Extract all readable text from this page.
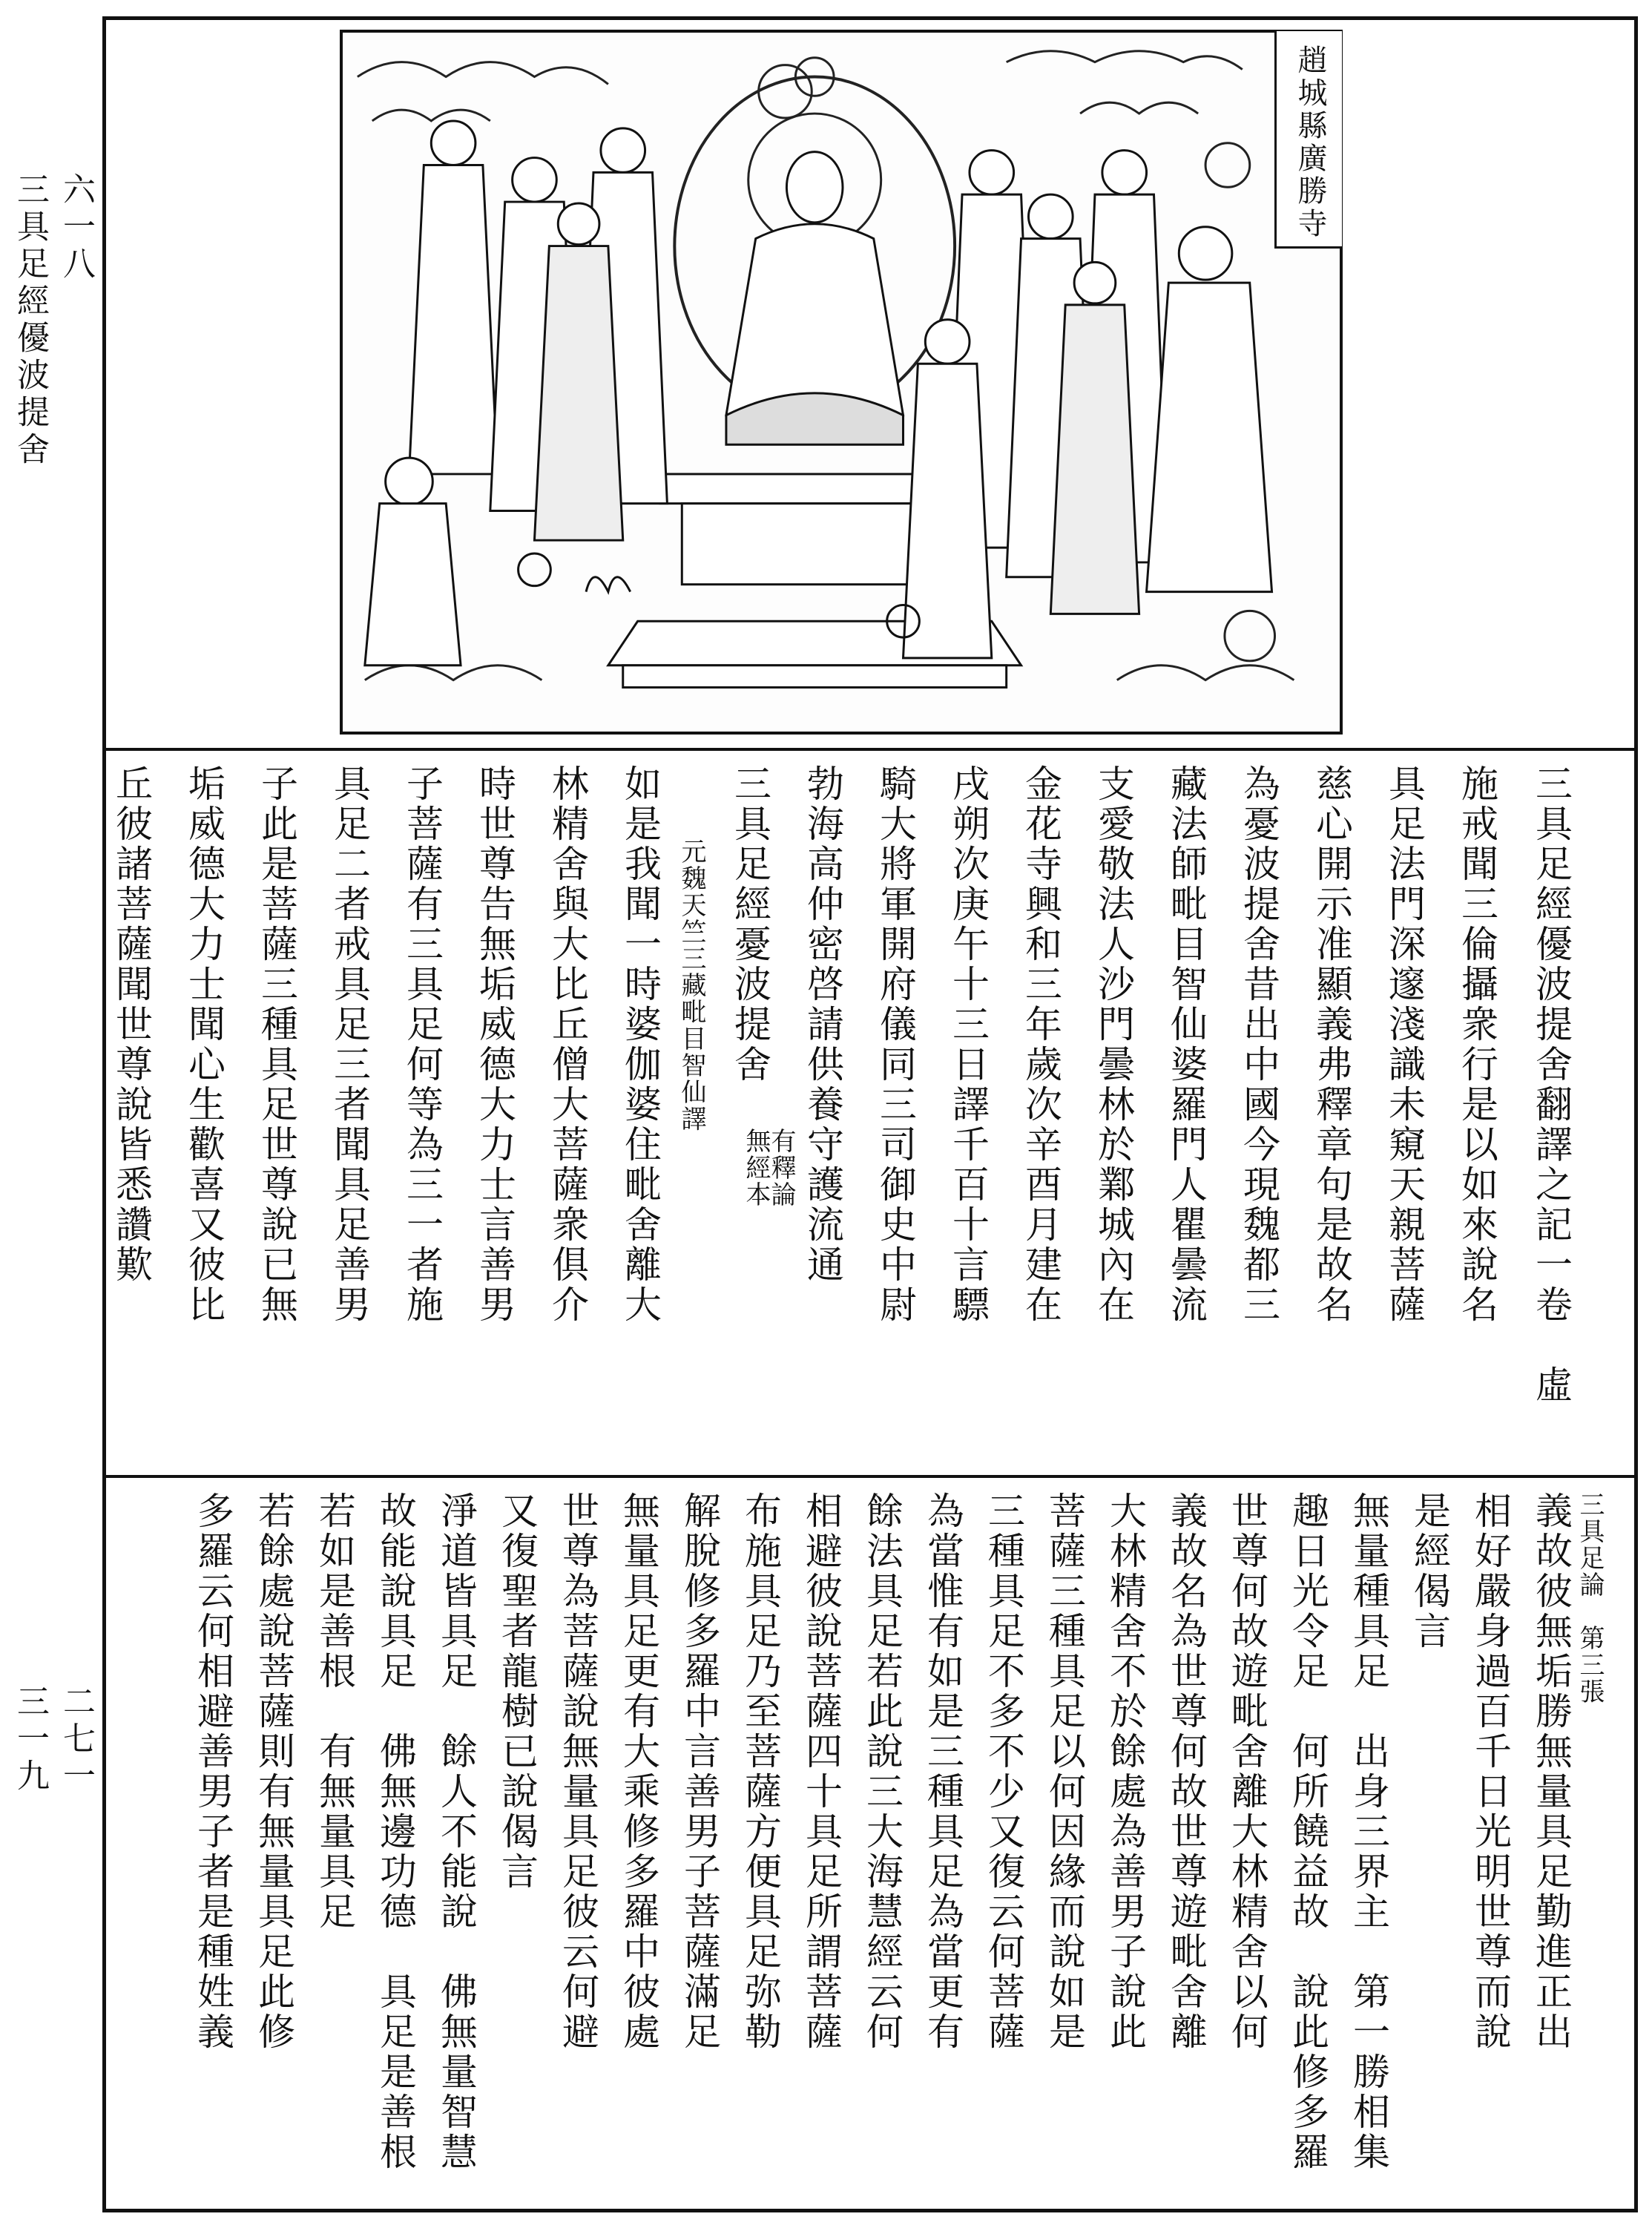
三具足經優波提舍 六一八
三一九 二七一
趙城縣廣勝寺
三具足經優波提舍翻譯之記一卷　虛
施戒聞三倫攝衆行是以如來說名
具足法門深邃淺識未窺天親菩薩
慈心開示准顯義弗釋章句是故名
為憂波提舍昔出中國今現魏都三
藏法師毗目智仙婆羅門人瞿曇流
支愛敬法人沙門曇林於鄴城內在
金花寺興和三年歲次辛酉月建在
戌朔次庚午十三日譯千百十言驃
騎大將軍開府儀同三司御史中尉
勃海高仲密啓請供養守護流通
三具足經憂波提舍
有釋論無經本
元魏天竺三藏毗目智仙譯
如是我聞一時婆伽婆住毗舍離大
林精舍與大比丘僧大菩薩衆俱介
時世尊告無垢威德大力士言善男
子菩薩有三具足何等為三一者施
具足二者戒具足三者聞具足善男
子此是菩薩三種具足世尊說已無
垢威德大力士聞心生歡喜又彼比
丘彼諸菩薩聞世尊說皆悉讚歎
三具足論　第三張
義故彼無垢勝無量具足勤進正出
相好嚴身過百千日光明世尊而說
是經偈言
無量種具足　出身三界主　第一勝相集
趣日光令足　何所饒益故　說此修多羅
世尊何故遊毗舍離大林精舍以何
義故名為世尊何故世尊遊毗舍離
大林精舍不於餘處為善男子說此
菩薩三種具足以何因緣而說如是
三種具足不多不少又復云何菩薩
為當惟有如是三種具足為當更有
餘法具足若此說三大海慧經云何
相避彼說菩薩四十具足所謂菩薩
布施具足乃至菩薩方便具足弥勒
解脫修多羅中言善男子菩薩滿足
無量具足更有大乘修多羅中彼處
世尊為菩薩說無量具足彼云何避
又復聖者龍樹已說偈言
淨道皆具足　餘人不能說　佛無量智慧
故能說具足　佛無邊功德　具足是善根
若如是善根　有無量具足
若餘處說菩薩則有無量具足此修
多羅云何相避善男子者是種姓義
